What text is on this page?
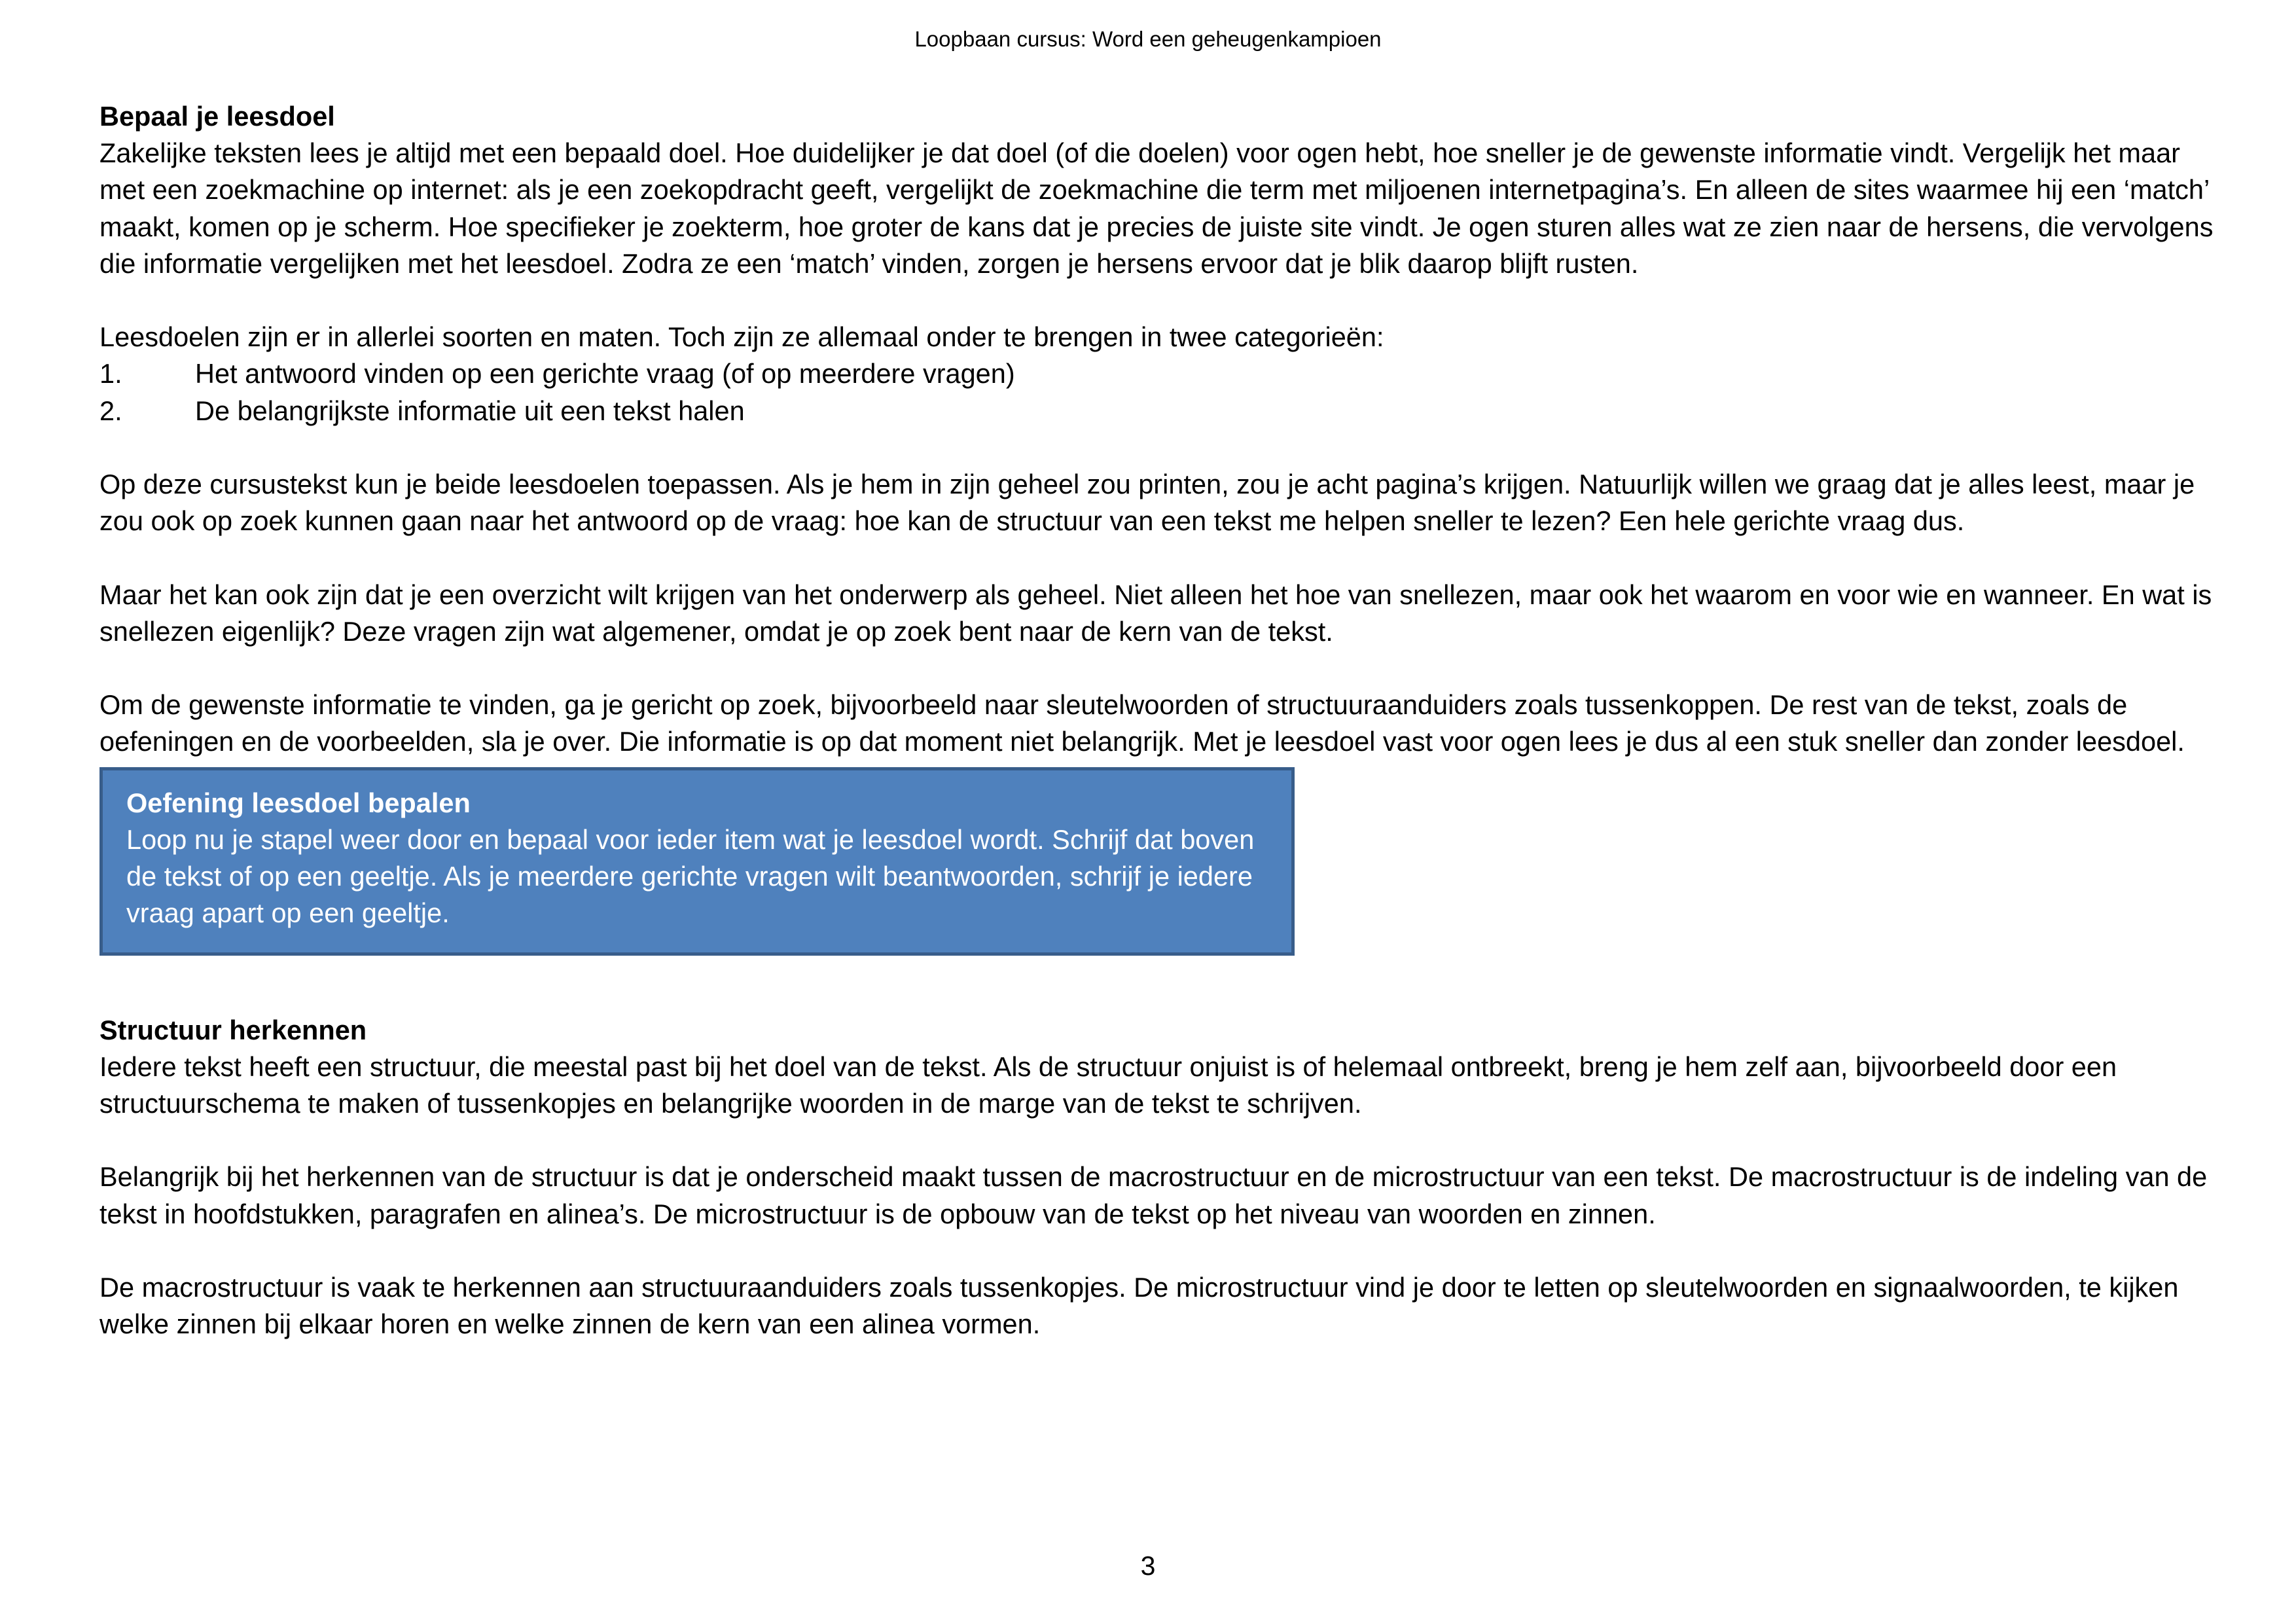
Loopbaan cursus: Word een geheugenkampioen

Bepaal je leesdoel

Zakelijke teksten lees je altijd met een bepaald doel. Hoe duidelijker je dat doel (of die doelen) voor ogen hebt, hoe sneller je de gewenste informatie vindt. Vergelijk het maar met een zoekmachine op internet: als je een zoekopdracht geeft, vergelijkt de zoekmachine die term met miljoenen internetpagina’s. En alleen de sites waarmee hij een ‘match’ maakt, komen op je scherm. Hoe specifieker je zoekterm, hoe groter de kans dat je precies de juiste site vindt. Je ogen sturen alles wat ze zien naar de hersens, die vervolgens die informatie vergelijken met het leesdoel. Zodra ze een ‘match’ vinden, zorgen je hersens ervoor dat je blik daarop blijft rusten.

Leesdoelen zijn er in allerlei soorten en maten. Toch zijn ze allemaal onder te brengen in twee categorieën:

1.	Het antwoord vinden op een gerichte vraag (of op meerdere vragen)
2.	De belangrijkste informatie uit een tekst halen

Op deze cursustekst kun je beide leesdoelen toepassen. Als je hem in zijn geheel zou printen, zou je acht pagina’s krijgen. Natuurlijk willen we graag dat je alles leest, maar je zou ook op zoek kunnen gaan naar het antwoord op de vraag: hoe kan de structuur van een tekst me helpen sneller te lezen? Een hele gerichte vraag dus.

Maar het kan ook zijn dat je een overzicht wilt krijgen van het onderwerp als geheel. Niet alleen het hoe van snellezen, maar ook het waarom en voor wie en wanneer. En wat is snellezen eigenlijk? Deze vragen zijn wat algemener, omdat je op zoek bent naar de kern van de tekst.

Om de gewenste informatie te vinden, ga je gericht op zoek, bijvoorbeeld naar sleutelwoorden of structuuraanduiders zoals tussenkoppen. De rest van de tekst, zoals de oefeningen en de voorbeelden, sla je over. Die informatie is op dat moment niet belangrijk. Met je leesdoel vast voor ogen lees je dus al een stuk sneller dan zonder leesdoel.

Oefening leesdoel bepalen

Loop nu je stapel weer door en bepaal voor ieder item wat je leesdoel wordt. Schrijf dat boven de tekst of op een geeltje. Als je meerdere gerichte vragen wilt beantwoorden, schrijf je iedere vraag apart op een geeltje.

Structuur herkennen

Iedere tekst heeft een structuur, die meestal past bij het doel van de tekst. Als de structuur onjuist is of helemaal ontbreekt, breng je hem zelf aan, bijvoorbeeld door een structuurschema te maken of tussenkopjes en belangrijke woorden in de marge van de tekst te schrijven.

Belangrijk bij het herkennen van de structuur is dat je onderscheid maakt tussen de macrostructuur en de microstructuur van een tekst. De macrostructuur is de indeling van de tekst in hoofdstukken, paragrafen en alinea’s. De microstructuur is de opbouw van de tekst op het niveau van woorden en zinnen.

De macrostructuur is vaak te herkennen aan structuuraanduiders zoals tussenkopjes. De microstructuur vind je door te letten op sleutelwoorden en signaalwoorden, te kijken welke zinnen bij elkaar horen en welke zinnen de kern van een alinea vormen.

3
